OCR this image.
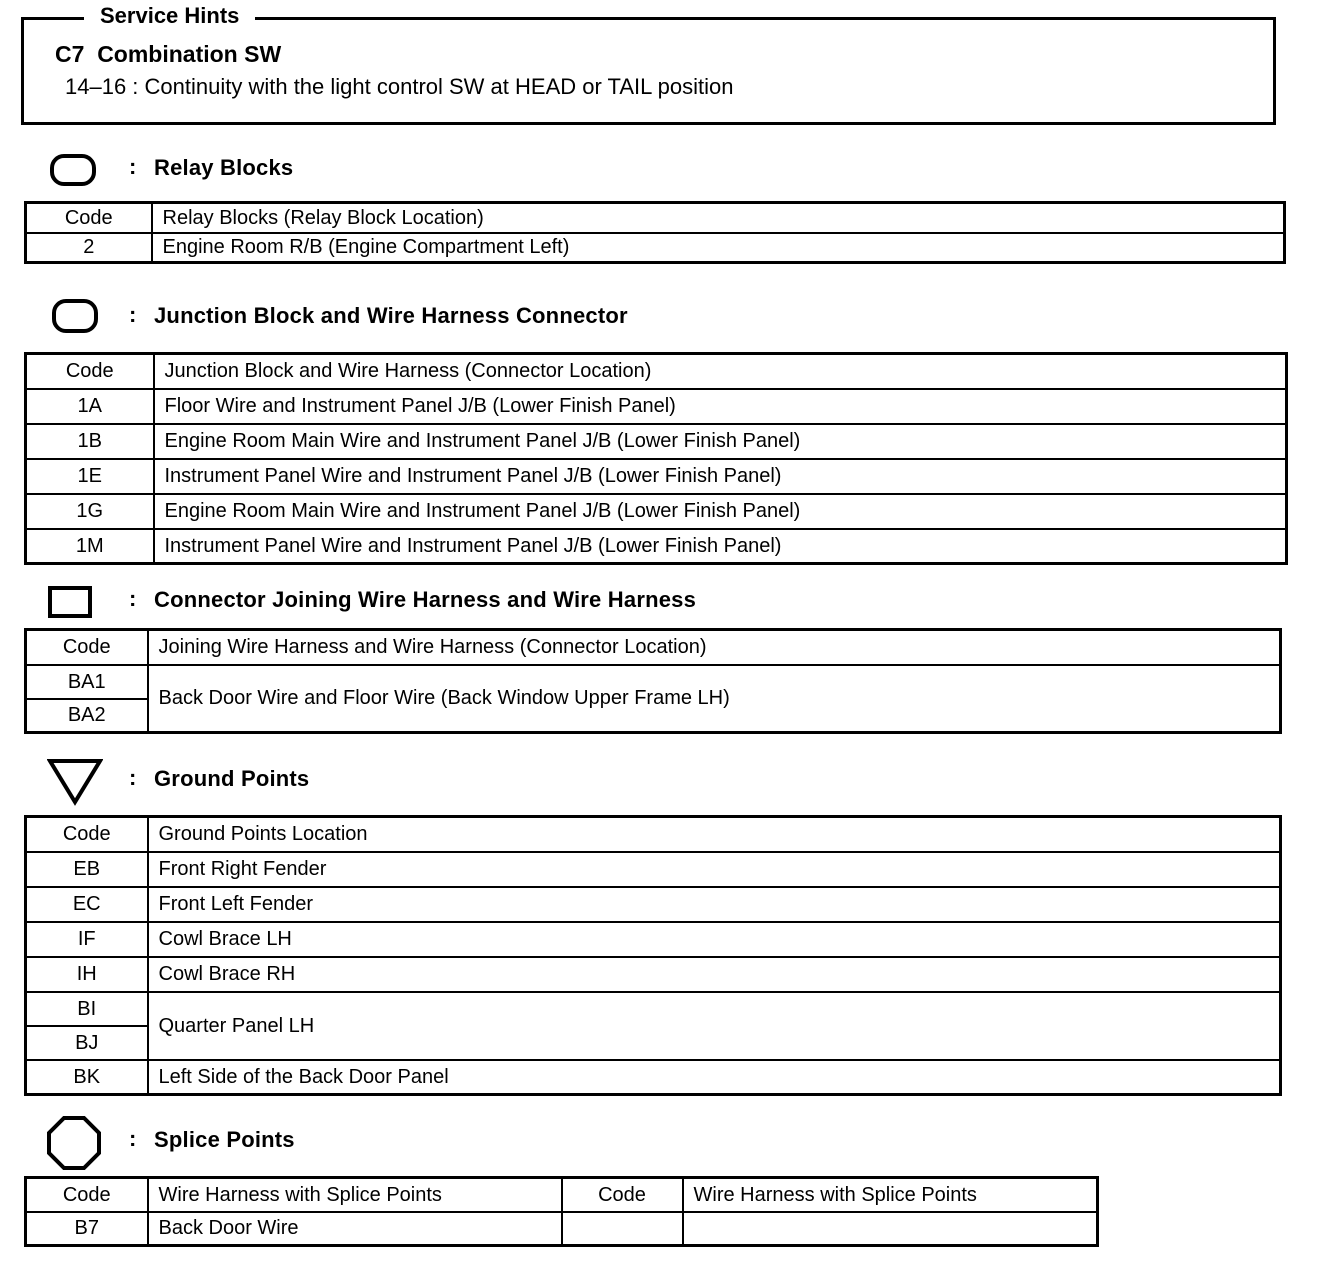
Service Hints
C7 Combination SW
14–16 : Continuity with the light control SW at HEAD or TAIL position
: Relay Blocks
Code	Relay Blocks (Relay Block Location)
2	Engine Room R/B (Engine Compartment Left)
: Junction Block and Wire Harness Connector
Code	Junction Block and Wire Harness (Connector Location)
1A	Floor Wire and Instrument Panel J/B (Lower Finish Panel)
1B	Engine Room Main Wire and Instrument Panel J/B (Lower Finish Panel)
1E	Instrument Panel Wire and Instrument Panel J/B (Lower Finish Panel)
1G	Engine Room Main Wire and Instrument Panel J/B (Lower Finish Panel)
1M	Instrument Panel Wire and Instrument Panel J/B (Lower Finish Panel)
: Connector Joining Wire Harness and Wire Harness
Code	Joining Wire Harness and Wire Harness (Connector Location)
BA1	Back Door Wire and Floor Wire (Back Window Upper Frame LH)
BA2	
: Ground Points
Code	Ground Points Location
EB	Front Right Fender
EC	Front Left Fender
IF	Cowl Brace LH
IH	Cowl Brace RH
BI	Quarter Panel LH
BJ	
BK	Left Side of the Back Door Panel
: Splice Points
Code	Wire Harness with Splice Points	Code	Wire Harness with Splice Points
B7	Back Door Wire		
